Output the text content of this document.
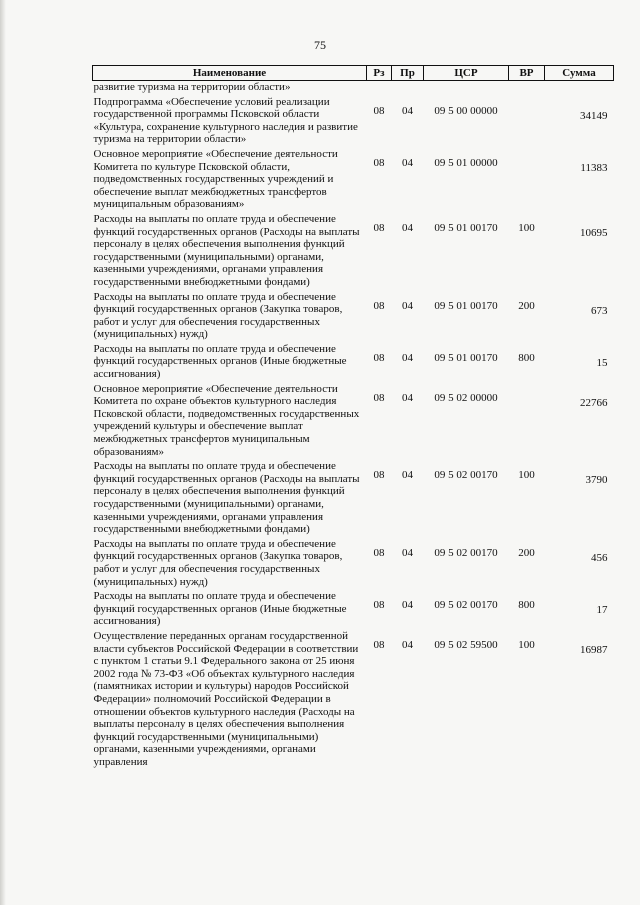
75
Наименование	Рз	Пр	ЦСР	ВР	Сумма
развитие туризма на территории области»					
Подпрограмма «Обеспечение условий реализации государственной программы Псковской области «Культура, сохранение культурного наследия и развитие туризма на территории области»	08	04	09 5 00 00000		34149
Основное мероприятие «Обеспечение деятельности Комитета по культуре Псковской области, подведомственных государственных учреждений и обеспечение выплат межбюджетных трансфертов муниципальным образованиям»	08	04	09 5 01 00000		11383
Расходы на выплаты по оплате труда и обеспечение функций государственных органов (Расходы на выплаты персоналу в целях обеспечения выполнения функций государственными (муниципальными) органами, казенными учреждениями, органами управления государственными внебюджетными фондами)	08	04	09 5 01 00170	100	10695
Расходы на выплаты по оплате труда и обеспечение функций государственных органов (Закупка товаров, работ и услуг для обеспечения государственных (муниципальных) нужд)	08	04	09 5 01 00170	200	673
Расходы на выплаты по оплате труда и обеспечение функций государственных органов (Иные бюджетные ассигнования)	08	04	09 5 01 00170	800	15
Основное мероприятие «Обеспечение деятельности Комитета по охране объектов культурного наследия Псковской области, подведомственных государственных учреждений культуры и обеспечение выплат межбюджетных трансфертов муниципальным образованиям»	08	04	09 5 02 00000		22766
Расходы на выплаты по оплате труда и обеспечение функций государственных органов (Расходы на выплаты персоналу в целях обеспечения выполнения функций государственными (муниципальными) органами, казенными учреждениями, органами управления государственными внебюджетными фондами)	08	04	09 5 02 00170	100	3790
Расходы на выплаты по оплате труда и обеспечение функций государственных органов (Закупка товаров, работ и услуг для обеспечения государственных (муниципальных) нужд)	08	04	09 5 02 00170	200	456
Расходы на выплаты по оплате труда и обеспечение функций государственных органов (Иные бюджетные ассигнования)	08	04	09 5 02 00170	800	17
Осуществление переданных органам государственной власти субъектов Российской Федерации в соответствии с пунктом 1 статьи 9.1 Федерального закона от 25 июня 2002 года № 73-ФЗ «Об объектах культурного наследия (памятниках истории и культуры) народов Российской Федерации» полномочий Российской Федерации в отношении объектов культурного наследия (Расходы на выплаты персоналу в целях обеспечения выполнения функций государственными (муниципальными) органами, казенными учреждениями, органами управления	08	04	09 5 02 59500	100	16987
